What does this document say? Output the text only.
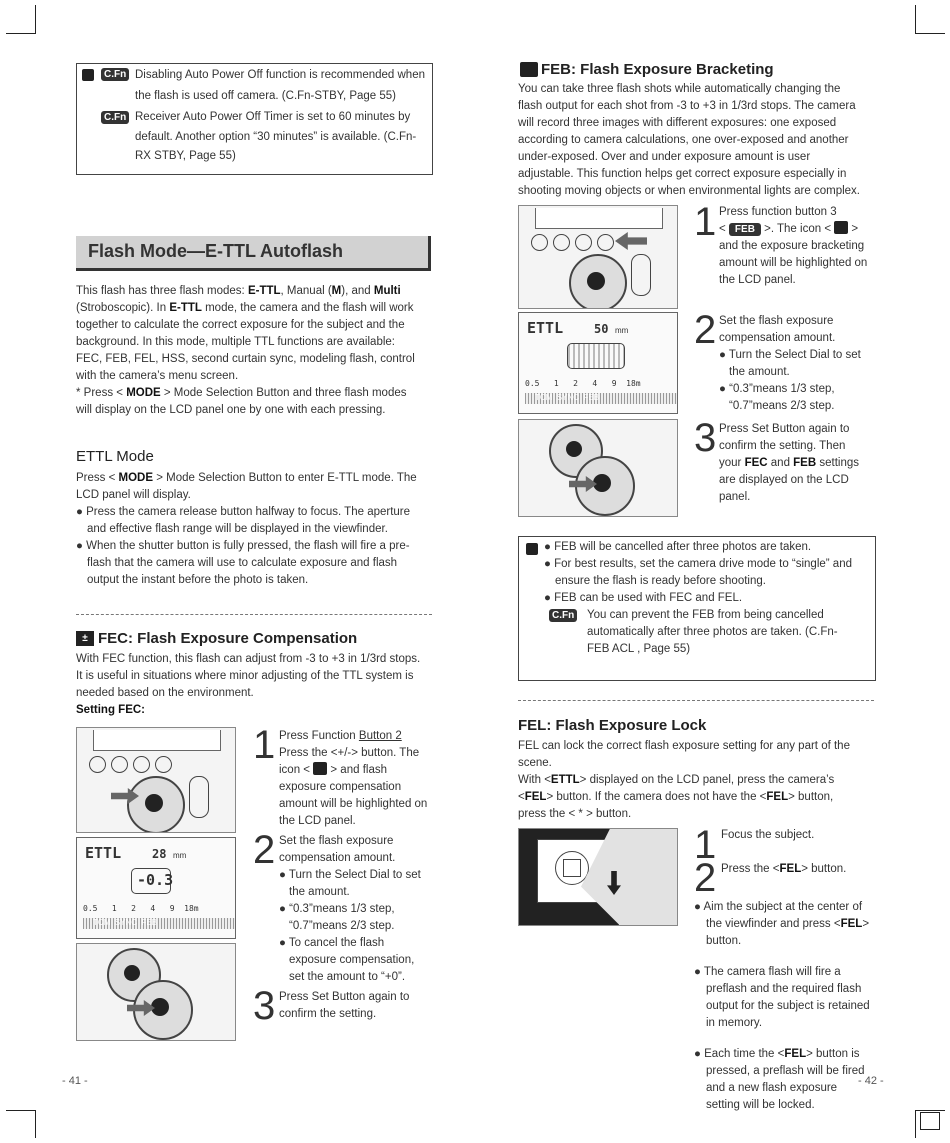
C.Fn Disabling Auto Power Off function is recommended when

the flash is used off camera. (C.Fn-STBY, Page 55)

C.Fn Receiver Auto Power Off Timer is set to 60 minutes by

default. Another option “30 minutes” is available. (C.Fn-

RX STBY, Page 55)

Flash Mode—E-TTL Autoflash

This flash has three flash modes: E-TTL, Manual (M), and Multi

(Stroboscopic). In E-TTL mode, the camera and the flash will work

together to calculate the correct exposure for the subject and the

background. In this mode, multiple TTL functions are available:

FEC, FEB, FEL, HSS, second curtain sync, modeling flash, control

with the camera’s menu screen.

* Press < MODE > Mode Selection Button and three flash modes

will display on the LCD panel one by one with each pressing.

ETTL Mode

Press < MODE > Mode Selection Button to enter E-TTL mode. The

LCD panel will display.

● Press the camera release button halfway to focus. The aperture

and effective flash range will be displayed in the viewfinder.

● When the shutter button is fully pressed, the flash will fire a pre-

flash that the camera will use to calculate exposure and flash

output the instant before the photo is taken.

± FEC: Flash Exposure Compensation

With FEC function, this flash can adjust from -3 to +3 in 1/3rd stops.

It is useful in situations where minor adjusting of the TTL system is

needed based on the environment.

Setting FEC:

ETTL	28 mm
-0.3
0.5   1   2   4   9  18m
TCM  SYNC  FEB
1 Press Function Button 2
Press the <+/-> button. The
icon <  > and flash
exposure compensation
amount will be highlighted on
the LCD panel.
2 Set the flash exposure
compensation amount.
● Turn the Select Dial to set
the amount.
● “0.3”means 1/3 step,
“0.7”means 2/3 step.
● To cancel the flash
exposure compensation,
set the amount to “+0”.
3 Press Set Button again to
confirm the setting.
- 41 -
FEB: Flash Exposure Bracketing

You can take three flash shots while automatically changing the

flash output for each shot from -3 to +3 in 1/3rd stops. The camera

will record three images with different exposures: one exposed

according to camera calculations, one over-exposed and another

under-exposed. Over and under exposure amount is user

adjustable. This function helps get correct exposure especially in

shooting moving objects or when environmental lights are complex.

ETTL	50 mm
0.5   1   2   4   9  18m
TCM  SYNC  FEB
1 Press function button 3
< FEB >. The icon <  >
and the exposure bracketing
amount will be highlighted on
the LCD panel.
2 Set the flash exposure
compensation amount.
● Turn the Select Dial to set
the amount.
● “0.3”means 1/3 step,
“0.7”means 2/3 step.
3 Press Set Button again to
confirm the setting. Then
your FEC and FEB settings
are displayed on the LCD
panel.

● FEB will be cancelled after three photos are taken.

● For best results, set the camera drive mode to “single” and

ensure the flash is ready before shooting.

● FEB can be used with FEC and FEL.

C.Fn You can prevent the FEB from being cancelled

automatically after three photos are taken. (C.Fn-

FEB ACL , Page 55)

FEL: Flash Exposure Lock

FEL can lock the correct flash exposure setting for any part of the

scene.

With <ETTL> displayed on the LCD panel, press the camera’s

<FEL> button. If the camera does not have the <FEL> button,

press the < * > button.

1 Focus the subject.
2 Press the <FEL> button.
● Aim the subject at the center of
the viewfinder and press <FEL>
button.
● The camera flash will fire a
preflash and the required flash
output for the subject is retained
in memory.
● Each time the <FEL> button is
pressed, a preflash will be fired
and a new flash exposure
setting will be locked.
- 42 -
